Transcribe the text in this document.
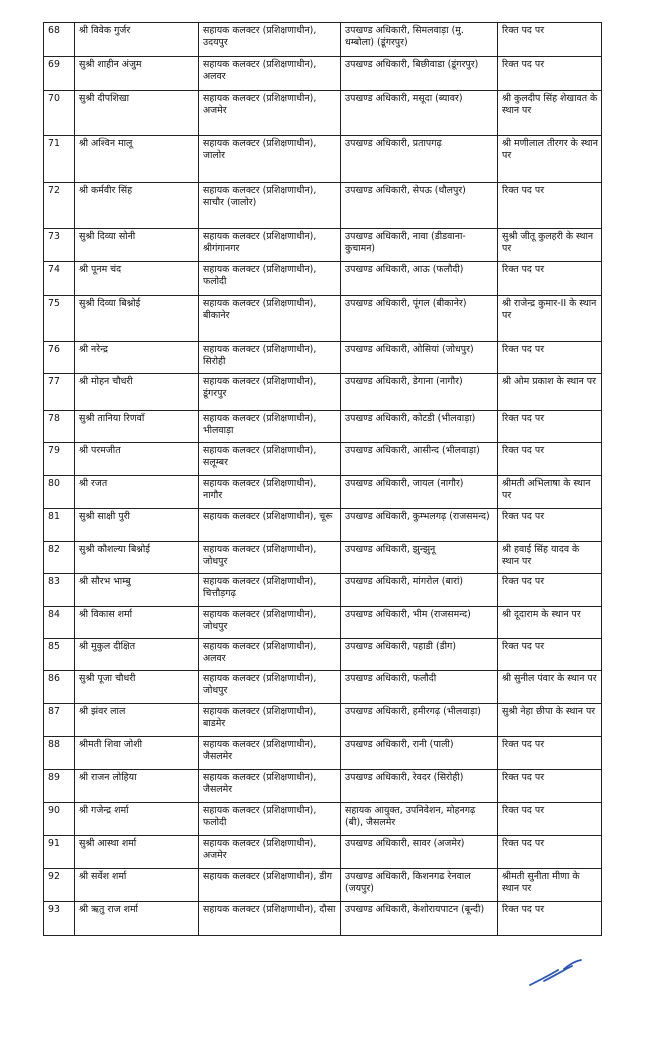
68	श्री विवेक गुर्जर	सहायक कलक्टर (प्रशिक्षणाधीन), उदयपुर	उपखण्ड अधिकारी, सिमलवाड़ा (मु. धम्बोला) (डूंगरपुर)	रिक्त पद पर
69	सुश्री शाहीन अंजुम	सहायक कलक्टर (प्रशिक्षणाधीन), अलवर	उपखण्ड अधिकारी, बिछीवाडा (डूंगरपुर)	रिक्त पद पर
70	सुश्री दीपशिखा	सहायक कलक्टर (प्रशिक्षणाधीन), अजमेर	उपखण्ड अधिकारी, मसूदा (ब्यावर)	श्री कुलदीप सिंह शेखावत के स्थान पर
71	श्री अश्विन मालू	सहायक कलक्टर (प्रशिक्षणाधीन), जालोर	उपखण्ड अधिकारी, प्रतापगढ़	श्री मणीलाल तीरगर के स्थान पर
72	श्री कर्मवीर सिंह	सहायक कलक्टर (प्रशिक्षणाधीन), साचौर (जालोर)	उपखण्ड अधिकारी, सेपऊ (धौलपुर)	रिक्त पद पर
73	सुश्री दिव्या सोनी	सहायक कलक्टर (प्रशिक्षणाधीन), श्रीगंगानगर	उपखण्ड अधिकारी, नावा (डीडवाना-कुचामन)	सुश्री जीतू कुलहरी के स्थान पर
74	श्री पूनम चंद	सहायक कलक्टर (प्रशिक्षणाधीन), फलोदी	उपखण्ड अधिकारी, आऊ (फलौदी)	रिक्त पद पर
75	सुश्री दिव्या बिश्नोई	सहायक कलक्टर (प्रशिक्षणाधीन), बीकानेर	उपखण्ड अधिकारी, पूंगल (बीकानेर)	श्री राजेन्द्र कुमार-II के स्थान पर
76	श्री नरेन्द्र	सहायक कलक्टर (प्रशिक्षणाधीन), सिरोही	उपखण्ड अधिकारी, ओसियां (जोधपुर)	रिक्त पद पर
77	श्री मोहन चौधरी	सहायक कलक्टर (प्रशिक्षणाधीन), डूंगरपुर	उपखण्ड अधिकारी, डेगाना (नागौर)	श्री ओम प्रकाश के स्थान पर
78	सुश्री तानिया रिणवाँ	सहायक कलक्टर (प्रशिक्षणाधीन), भीलवाड़ा	उपखण्ड अधिकारी, कोटडी (भीलवाड़ा)	रिक्त पद पर
79	श्री परमजीत	सहायक कलक्टर (प्रशिक्षणाधीन), सलूम्बर	उपखण्ड अधिकारी, आसीन्द (भीलवाड़ा)	रिक्त पद पर
80	श्री रजत	सहायक कलक्टर (प्रशिक्षणाधीन), नागौर	उपखण्ड अधिकारी, जायल (नागौर)	श्रीमती अभिलाषा के स्थान पर
81	सुश्री साक्षी पुरी	सहायक कलक्टर (प्रशिक्षणाधीन), चूरू	उपखण्ड अधिकारी, कुम्भलगढ़ (राजसमन्द)	रिक्त पद पर
82	सुश्री कौशल्या बिश्नोई	सहायक कलक्टर (प्रशिक्षणाधीन), जोधपुर	उपखण्ड अधिकारी, झुन्झुनू	श्री हवाई सिंह यादव के स्थान पर
83	श्री सौरभ भाम्बु	सहायक कलक्टर (प्रशिक्षणाधीन), चित्तौड़गढ़	उपखण्ड अधिकारी, मांगरोल (बारां)	रिक्त पद पर
84	श्री विकास शर्मा	सहायक कलक्टर (प्रशिक्षणाधीन), जोधपुर	उपखण्ड अधिकारी, भीम (राजसमन्द)	श्री दूदाराम के स्थान पर
85	श्री मुकुल दीक्षित	सहायक कलक्टर (प्रशिक्षणाधीन), अलवर	उपखण्ड अधिकारी, पहाडी (डीग)	रिक्त पद पर
86	सुश्री पूजा चौधरी	सहायक कलक्टर (प्रशिक्षणाधीन), जोधपुर	उपखण्ड अधिकारी, फलौदी	श्री सुनील पंवार के स्थान पर
87	श्री झंवर लाल	सहायक कलक्टर (प्रशिक्षणाधीन), बाडमेर	उपखण्ड अधिकारी, हमीरगढ़ (भीलवाड़ा)	सुश्री नेहा छीपा के स्थान पर
88	श्रीमती शिवा जोशी	सहायक कलक्टर (प्रशिक्षणाधीन), जैसलमेर	उपखण्ड अधिकारी, रानी (पाली)	रिक्त पद पर
89	श्री राजन लोहिया	सहायक कलक्टर (प्रशिक्षणाधीन), जैसलमेर	उपखण्ड अधिकारी, रेवदर (सिरोही)	रिक्त पद पर
90	श्री गजेन्द्र शर्मा	सहायक कलक्टर (प्रशिक्षणाधीन), फलोदी	सहायक आयुक्त, उपनिवेशन, मोहनगढ़ (बी), जैसलमेर	रिक्त पद पर
91	सुश्री आस्था शर्मा	सहायक कलक्टर (प्रशिक्षणाधीन), अजमेर	उपखण्ड अधिकारी, सावर (अजमेर)	रिक्त पद पर
92	श्री सर्वेश शर्मा	सहायक कलक्टर (प्रशिक्षणाधीन), डीग	उपखण्ड अधिकारी, किशनगढ रेनवाल (जयपुर)	श्रीमती सुनीता मीणा के स्थान पर
93	श्री ऋतु राज शर्मा	सहायक कलक्टर (प्रशिक्षणाधीन), दौसा	उपखण्ड अधिकारी, केशोरायपाटन (बून्दी)	रिक्त पद पर
